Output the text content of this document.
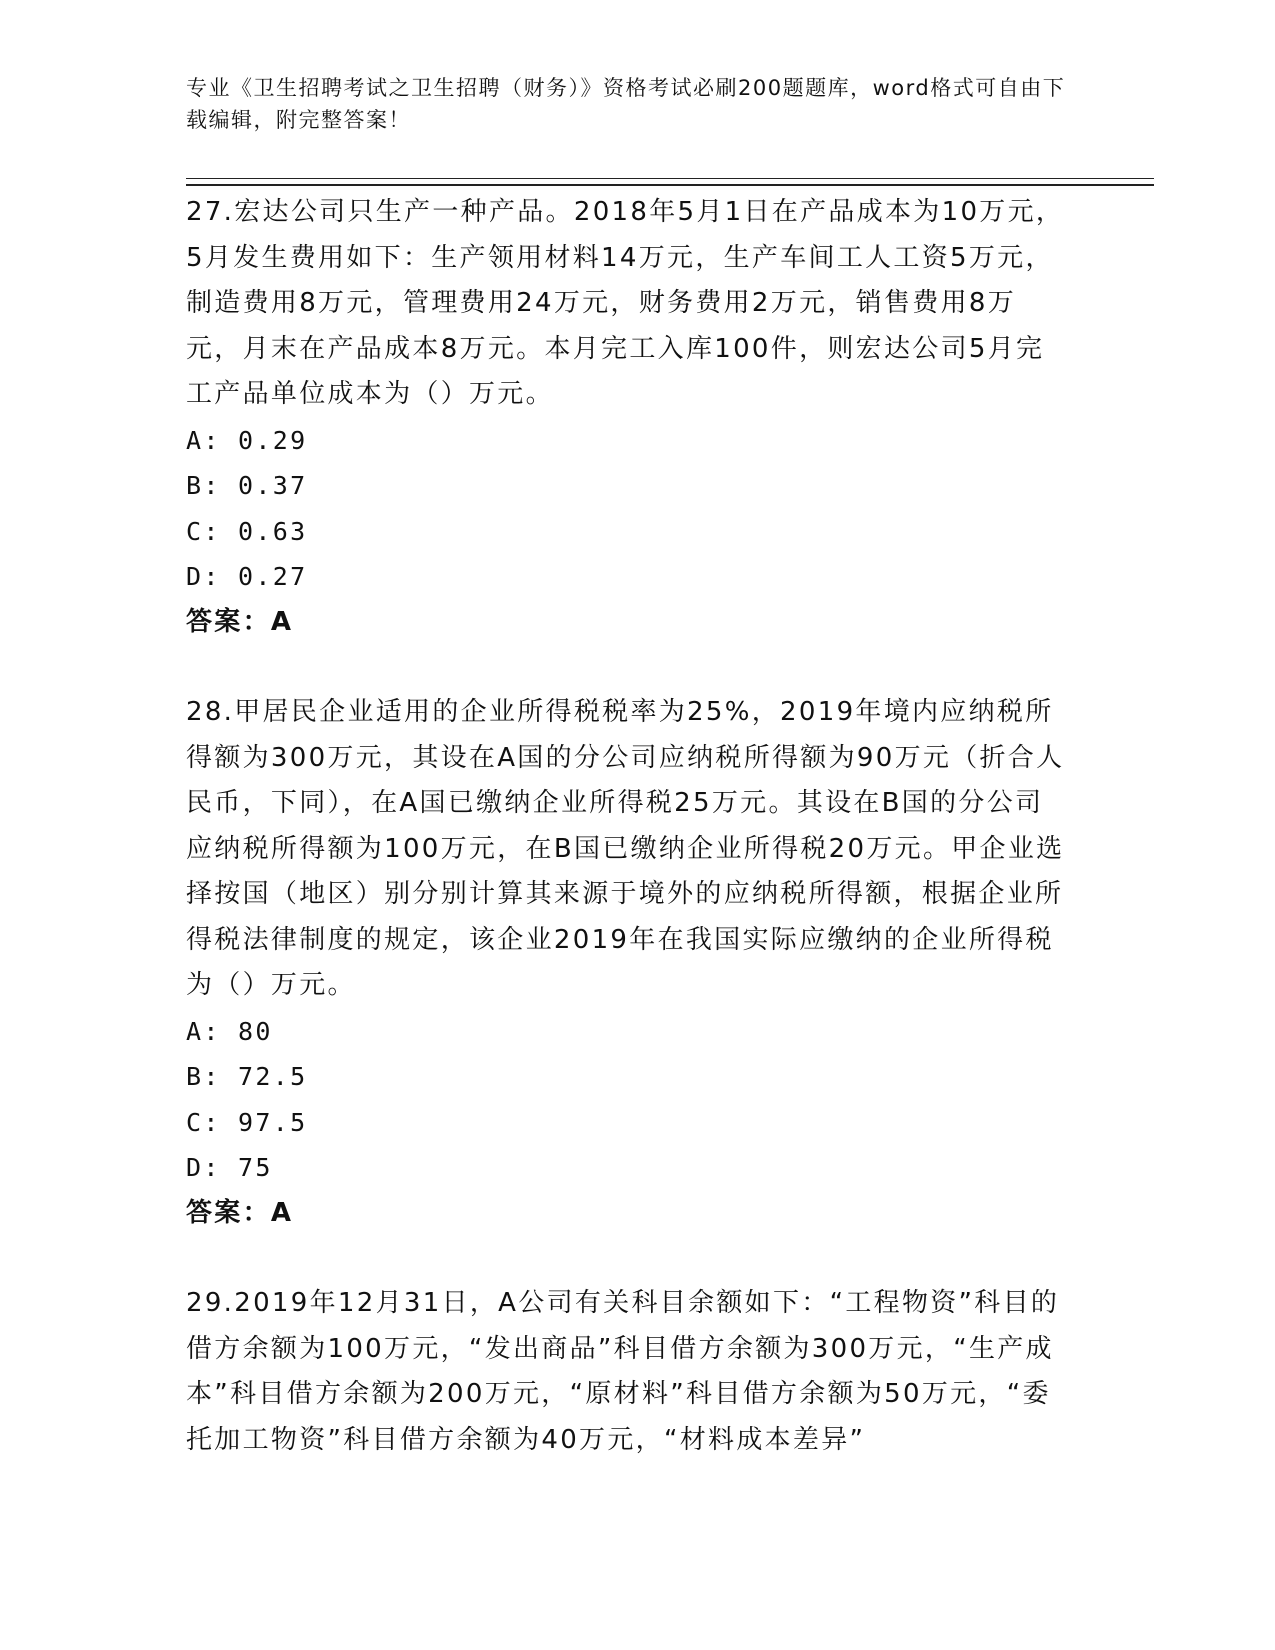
专业《卫生招聘考试之卫生招聘（财务）》资格考试必刷200题题库，word格式可自由下载编辑，附完整答案！

27.宏达公司只生产一种产品。2018年5月1日在产品成本为10万元，5月发生费用如下：生产领用材料14万元，生产车间工人工资5万元，制造费用8万元，管理费用24万元，财务费用2万元，销售费用8万元，月末在产品成本8万元。本月完工入库100件，则宏达公司5月完工产品单位成本为（）万元。

A: 0.29

B: 0.37

C: 0.63

D: 0.27

答案：A

28.甲居民企业适用的企业所得税税率为25%，2019年境内应纳税所得额为300万元，其设在A国的分公司应纳税所得额为90万元（折合人民币，下同），在A国已缴纳企业所得税25万元。其设在B国的分公司应纳税所得额为100万元，在B国已缴纳企业所得税20万元。甲企业选择按国（地区）别分别计算其来源于境外的应纳税所得额，根据企业所得税法律制度的规定，该企业2019年在我国实际应缴纳的企业所得税为（）万元。

A: 80

B: 72.5

C: 97.5

D: 75

答案：A

29.2019年12月31日，A公司有关科目余额如下：“工程物资”科目的借方余额为100万元，“发出商品”科目借方余额为300万元，“生产成本”科目借方余额为200万元，“原材料”科目借方余额为50万元，“委托加工物资”科目借方余额为40万元，“材料成本差异”
